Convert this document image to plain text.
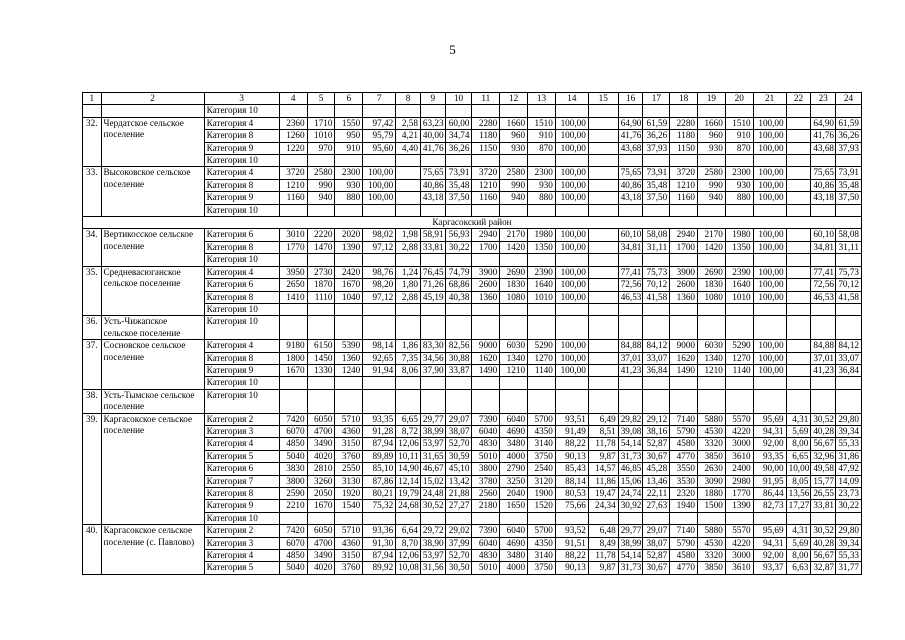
5
1	2	3	4	5	6	7	8	9	10	11	12	13	14	15	16	17	18	19	20	21	22	23	24
		Категория 10																					
32.	Чердатское сельское поселение	Категория 4	2360	1710	1550	97,42	2,58	63,23	60,00	2280	1660	1510	100,00		64,90	61,59	2280	1660	1510	100,00		64,90	61,59
		Категория 8	1260	1010	950	95,79	4,21	40,00	34,74	1180	960	910	100,00		41,76	36,26	1180	960	910	100,00		41,76	36,26
		Категория 9	1220	970	910	95,60	4,40	41,76	36,26	1150	930	870	100,00		43,68	37,93	1150	930	870	100,00		43,68	37,93
		Категория 10																					
33.	Высоковское сельское поселение	Категория 4	3720	2580	2300	100,00		75,65	73,91	3720	2580	2300	100,00		75,65	73,91	3720	2580	2300	100,00		75,65	73,91
		Категория 8	1210	990	930	100,00		40,86	35,48	1210	990	930	100,00		40,86	35,48	1210	990	930	100,00		40,86	35,48
		Категория 9	1160	940	880	100,00		43,18	37,50	1160	940	880	100,00		43,18	37,50	1160	940	880	100,00		43,18	37,50
		Категория 10																					
Каргасокский район																							
34.	Вертикосское сельское поселение	Категория 6	3010	2220	2020	98,02	1,98	58,91	56,93	2940	2170	1980	100,00		60,10	58,08	2940	2170	1980	100,00		60,10	58,08
		Категория 8	1770	1470	1390	97,12	2,88	33,81	30,22	1700	1420	1350	100,00		34,81	31,11	1700	1420	1350	100,00		34,81	31,11
		Категория 10																					
35.	Средневасюганское сельское поселение	Категория 4	3950	2730	2420	98,76	1,24	76,45	74,79	3900	2690	2390	100,00		77,41	75,73	3900	2690	2390	100,00		77,41	75,73
		Категория 6	2650	1870	1670	98,20	1,80	71,26	68,86	2600	1830	1640	100,00		72,56	70,12	2600	1830	1640	100,00		72,56	70,12
		Категория 8	1410	1110	1040	97,12	2,88	45,19	40,38	1360	1080	1010	100,00		46,53	41,58	1360	1080	1010	100,00		46,53	41,58
		Категория 10																					
36.	Усть-Чижапское сельское поселение	Категория 10																					
37.	Сосновское сельское поселение	Категория 4	9180	6150	5390	98,14	1,86	83,30	82,56	9000	6030	5290	100,00		84,88	84,12	9000	6030	5290	100,00		84,88	84,12
		Категория 8	1800	1450	1360	92,65	7,35	34,56	30,88	1620	1340	1270	100,00		37,01	33,07	1620	1340	1270	100,00		37,01	33,07
		Категория 9	1670	1330	1240	91,94	8,06	37,90	33,87	1490	1210	1140	100,00		41,23	36,84	1490	1210	1140	100,00		41,23	36,84
		Категория 10																					
38.	Усть-Тымское сельское поселение	Категория 10																					
39.	Каргасокское сельское поселение	Категория 2	7420	6050	5710	93,35	6,65	29,77	29,07	7390	6040	5700	93,51	6,49	29,82	29,12	7140	5880	5570	95,69	4,31	30,52	29,80
		Категория 3	6070	4700	4360	91,28	8,72	38,99	38,07	6040	4690	4350	91,49	8,51	39,08	38,16	5790	4530	4220	94,31	5,69	40,28	39,34
		Категория 4	4850	3490	3150	87,94	12,06	53,97	52,70	4830	3480	3140	88,22	11,78	54,14	52,87	4580	3320	3000	92,00	8,00	56,67	55,33
		Категория 5	5040	4020	3760	89,89	10,11	31,65	30,59	5010	4000	3750	90,13	9,87	31,73	30,67	4770	3850	3610	93,35	6,65	32,96	31,86
		Категория 6	3830	2810	2550	85,10	14,90	46,67	45,10	3800	2790	2540	85,43	14,57	46,85	45,28	3550	2630	2400	90,00	10,00	49,58	47,92
		Категория 7	3800	3260	3130	87,86	12,14	15,02	13,42	3780	3250	3120	88,14	11,86	15,06	13,46	3530	3090	2980	91,95	8,05	15,77	14,09
		Категория 8	2590	2050	1920	80,21	19,79	24,48	21,88	2560	2040	1900	80,53	19,47	24,74	22,11	2320	1880	1770	86,44	13,56	26,55	23,73
		Категория 9	2210	1670	1540	75,32	24,68	30,52	27,27	2180	1650	1520	75,66	24,34	30,92	27,63	1940	1500	1390	82,73	17,27	33,81	30,22
		Категория 10																					
40.	Каргасокское сельское поселение (с. Павлово)	Категория 2	7420	6050	5710	93,36	6,64	29,72	29,02	7390	6040	5700	93,52	6,48	29,77	29,07	7140	5880	5570	95,69	4,31	30,52	29,80
		Категория 3	6070	4700	4360	91,30	8,70	38,90	37,99	6040	4690	4350	91,51	8,49	38,99	38,07	5790	4530	4220	94,31	5,69	40,28	39,34
		Категория 4	4850	3490	3150	87,94	12,06	53,97	52,70	4830	3480	3140	88,22	11,78	54,14	52,87	4580	3320	3000	92,00	8,00	56,67	55,33
		Категория 5	5040	4020	3760	89,92	10,08	31,56	30,50	5010	4000	3750	90,13	9,87	31,73	30,67	4770	3850	3610	93,37	6,63	32,87	31,77
